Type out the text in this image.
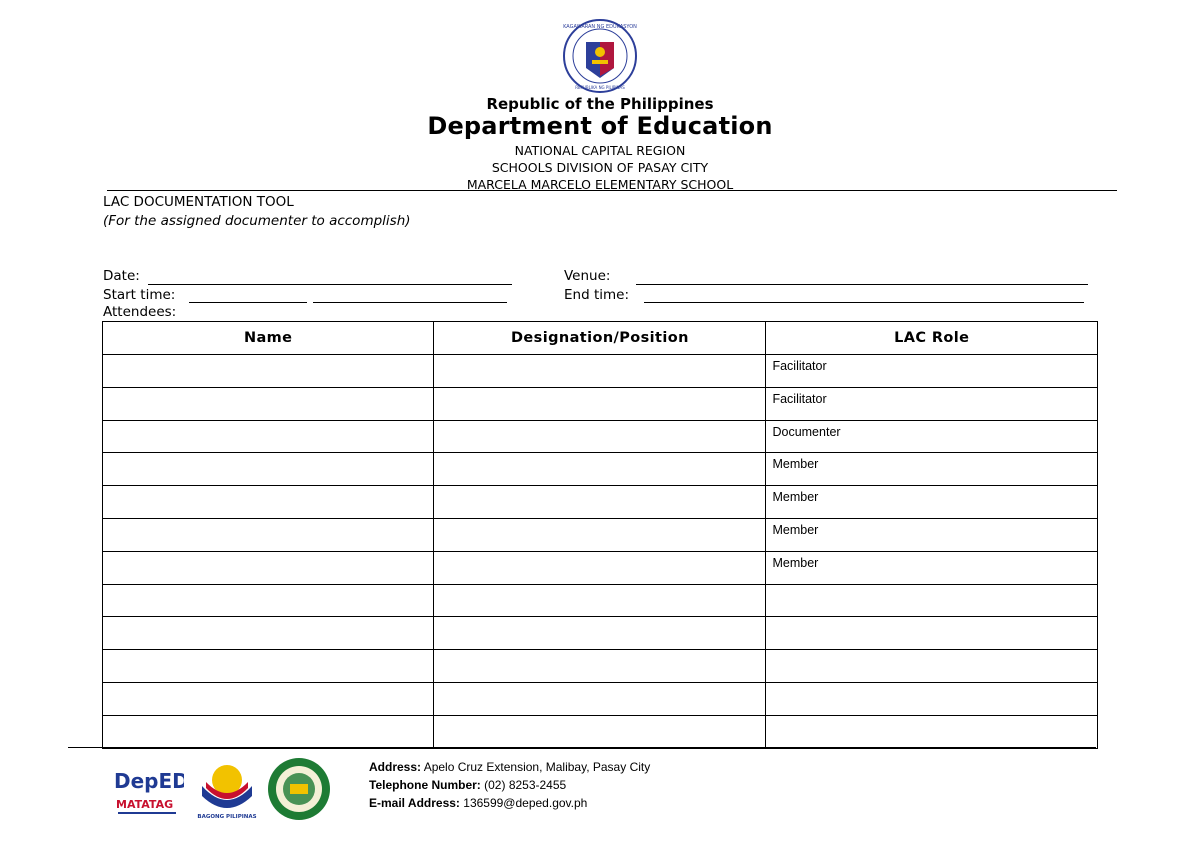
KAGAWARAN NG EDUKASYON
REPUBLIKA NG PILIPINAS
Republic of the Philippines
Department of Education
NATIONAL CAPITAL REGION
SCHOOLS DIVISION OF PASAY CITY
MARCELA MARCELO ELEMENTARY SCHOOL
LAC DOCUMENTATION TOOL
(For the assigned documenter to accomplish)
Date:	Venue:
Start time:	End time:
Attendees:
Name	Designation/Position	LAC Role

		Facilitator

		Facilitator

		Documenter

		Member

		Member

		Member

		Member

DepED
MATATAG
BAGONG PILIPINAS
Address: Apelo Cruz Extension, Malibay, Pasay City
Telephone Number: (02) 8253-2455
E-mail Address: 136599@deped.gov.ph
